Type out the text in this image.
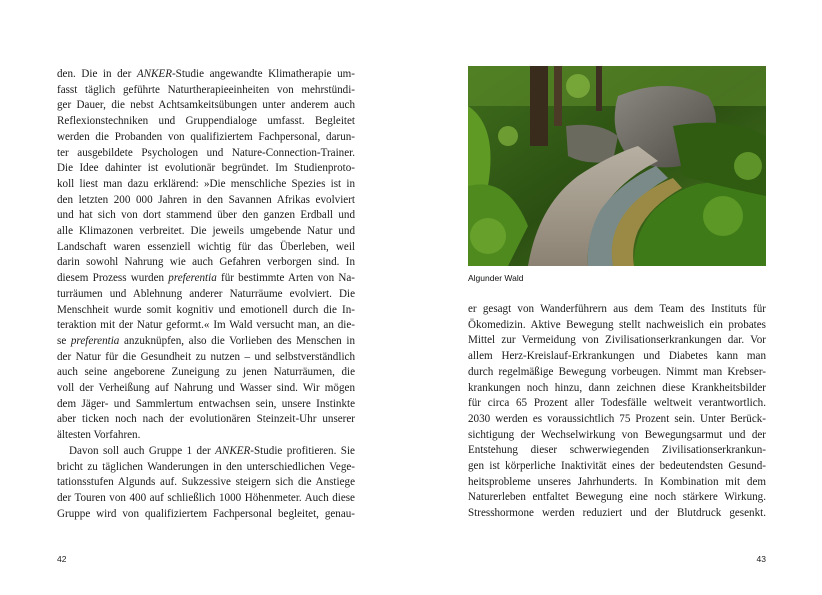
den. Die in der ANKER-Studie angewandte Klimatherapie um-
fasst täglich geführte Naturtherapieeinheiten von mehrstündi-
ger Dauer, die nebst Achtsamkeitsübungen unter anderem auch
Reflexionstechniken und Gruppendialoge umfasst. Begleitet
werden die Probanden von qualifiziertem Fachpersonal, darun-
ter ausgebildete Psychologen und Nature-Connection-Trainer.
Die Idee dahinter ist evolutionär begründet. Im Studienproto-
koll liest man dazu erklärend: »Die menschliche Spezies ist in
den letzten 200 000 Jahren in den Savannen Afrikas evolviert
und hat sich von dort stammend über den ganzen Erdball und
alle Klimazonen verbreitet. Die jeweils umgebende Natur und
Landschaft waren essenziell wichtig für das Überleben, weil
darin sowohl Nahrung wie auch Gefahren verborgen sind. In
diesem Prozess wurden preferentia für bestimmte Arten von Na-
turräumen und Ablehnung anderer Naturräume evolviert. Die
Menschheit wurde somit kognitiv und emotionell durch die In-
teraktion mit der Natur geformt.« Im Wald versucht man, an die-
se preferentia anzuknüpfen, also die Vorlieben des Menschen in
der Natur für die Gesundheit zu nutzen – und selbstverständlich
auch seine angeborene Zuneigung zu jenen Naturräumen, die
voll der Verheißung auf Nahrung und Wasser sind. Wir mögen
dem Jäger- und Sammlertum entwachsen sein, unsere Instinkte
aber ticken noch nach der evolutionären Steinzeit-Uhr unserer
ältesten Vorfahren.
Davon soll auch Gruppe 1 der ANKER-Studie profitieren. Sie
bricht zu täglichen Wanderungen in den unterschiedlichen Vege-
tationsstufen Algunds auf. Sukzessive steigern sich die Anstiege
der Touren von 400 auf schließlich 1000 Höhenmeter. Auch diese
Gruppe wird von qualifiziertem Fachpersonal begleitet, genau-
42
Algunder Wald
er gesagt von Wanderführern aus dem Team des Instituts für
Ökomedizin. Aktive Bewegung stellt nachweislich ein probates
Mittel zur Vermeidung von Zivilisationserkrankungen dar. Vor
allem Herz-Kreislauf-Erkrankungen und Diabetes kann man
durch regelmäßige Bewegung vorbeugen. Nimmt man Krebser-
krankungen noch hinzu, dann zeichnen diese Krankheitsbilder
für circa 65 Prozent aller Todesfälle weltweit verantwortlich.
2030 werden es voraussichtlich 75 Prozent sein. Unter Berück-
sichtigung der Wechselwirkung von Bewegungsarmut und der
Entstehung dieser schwerwiegenden Zivilisationserkrankun-
gen ist körperliche Inaktivität eines der bedeutendsten Gesund-
heitsprobleme unseres Jahrhunderts. In Kombination mit dem
Naturerleben entfaltet Bewegung eine noch stärkere Wirkung.
Stresshormone werden reduziert und der Blutdruck gesenkt.
43
